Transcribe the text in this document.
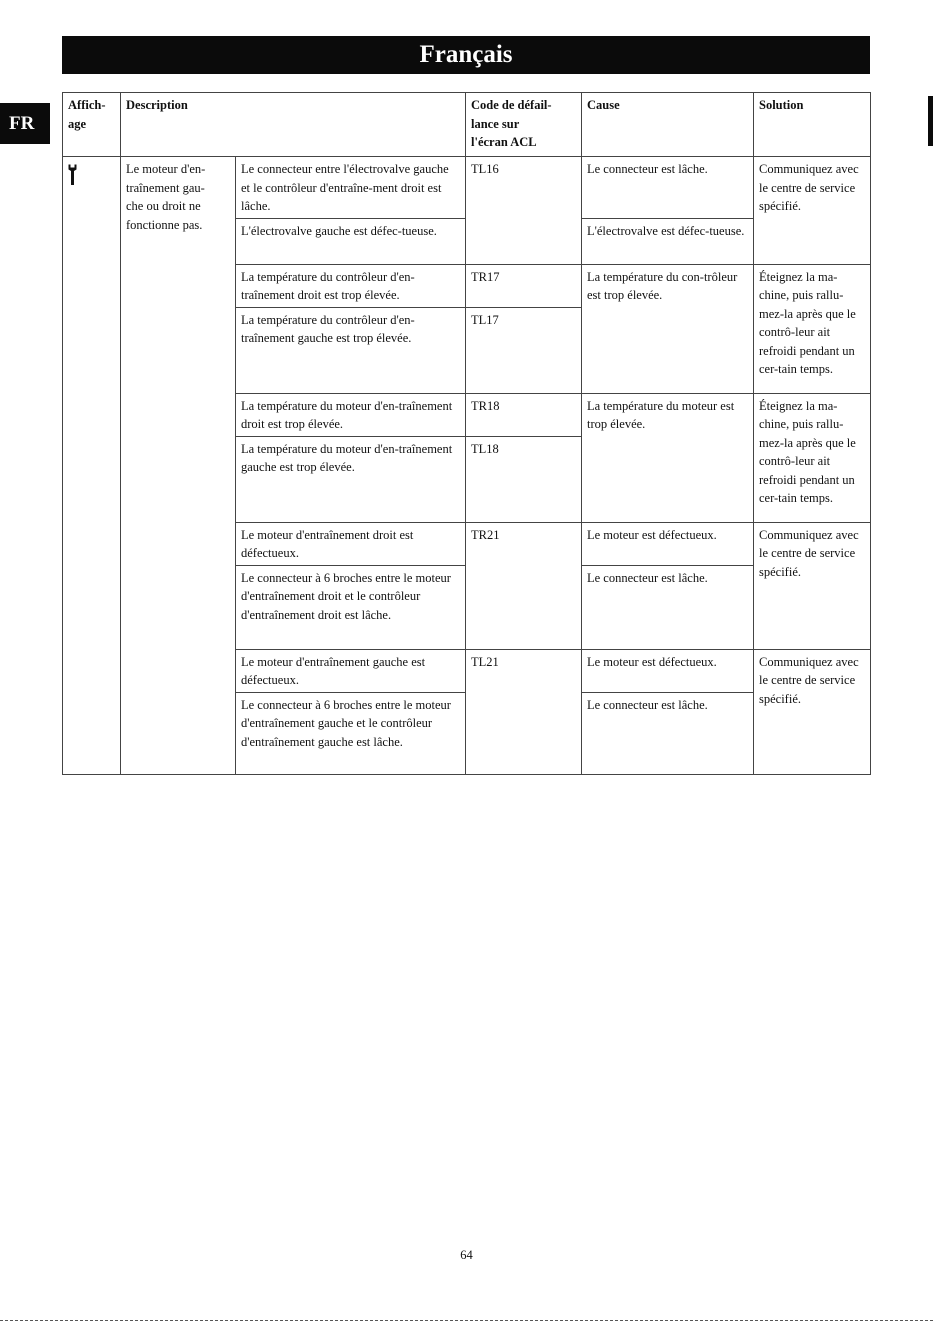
Français
FR
Affich-
age	Description		Code de défail-
lance sur
l'écran ACL	Cause	Solution
	Le moteur d'en-
traînement gau-
che ou droit ne
fonctionne pas.	Le connecteur entre l'électrovalve gauche et le contrôleur d'entraîne-ment droit est lâche.	TL16	Le connecteur est lâche.	Communiquez avec le centre de service spécifié.
		L'électrovalve gauche est défec-tueuse.		L'électrovalve est défec-tueuse.	
		La température du contrôleur d'en-traînement droit est trop élevée.	TR17	La température du con-trôleur est trop élevée.	Éteignez la ma-chine, puis rallu-mez-la après que le contrô-leur ait refroidi pendant un cer-tain temps.
		La température du contrôleur d'en-traînement gauche est trop élevée.	TL17		
		La température du moteur d'en-traînement droit est trop élevée.	TR18	La température du moteur est trop élevée.	Éteignez la ma-chine, puis rallu-mez-la après que le contrô-leur ait refroidi pendant un cer-tain temps.
		La température du moteur d'en-traînement gauche est trop élevée.	TL18		
		Le moteur d'entraînement droit est défectueux.	TR21	Le moteur est défectueux.	Communiquez avec le centre de service spécifié.
		Le connecteur à 6 broches entre le moteur d'entraînement droit et le contrôleur d'entraînement droit est lâche.		Le connecteur est lâche.	
		Le moteur d'entraînement gauche est défectueux.	TL21	Le moteur est défectueux.	Communiquez avec le centre de service spécifié.
		Le connecteur à 6 broches entre le moteur d'entraînement gauche et le contrôleur d'entraînement gauche est lâche.		Le connecteur est lâche.	
64
